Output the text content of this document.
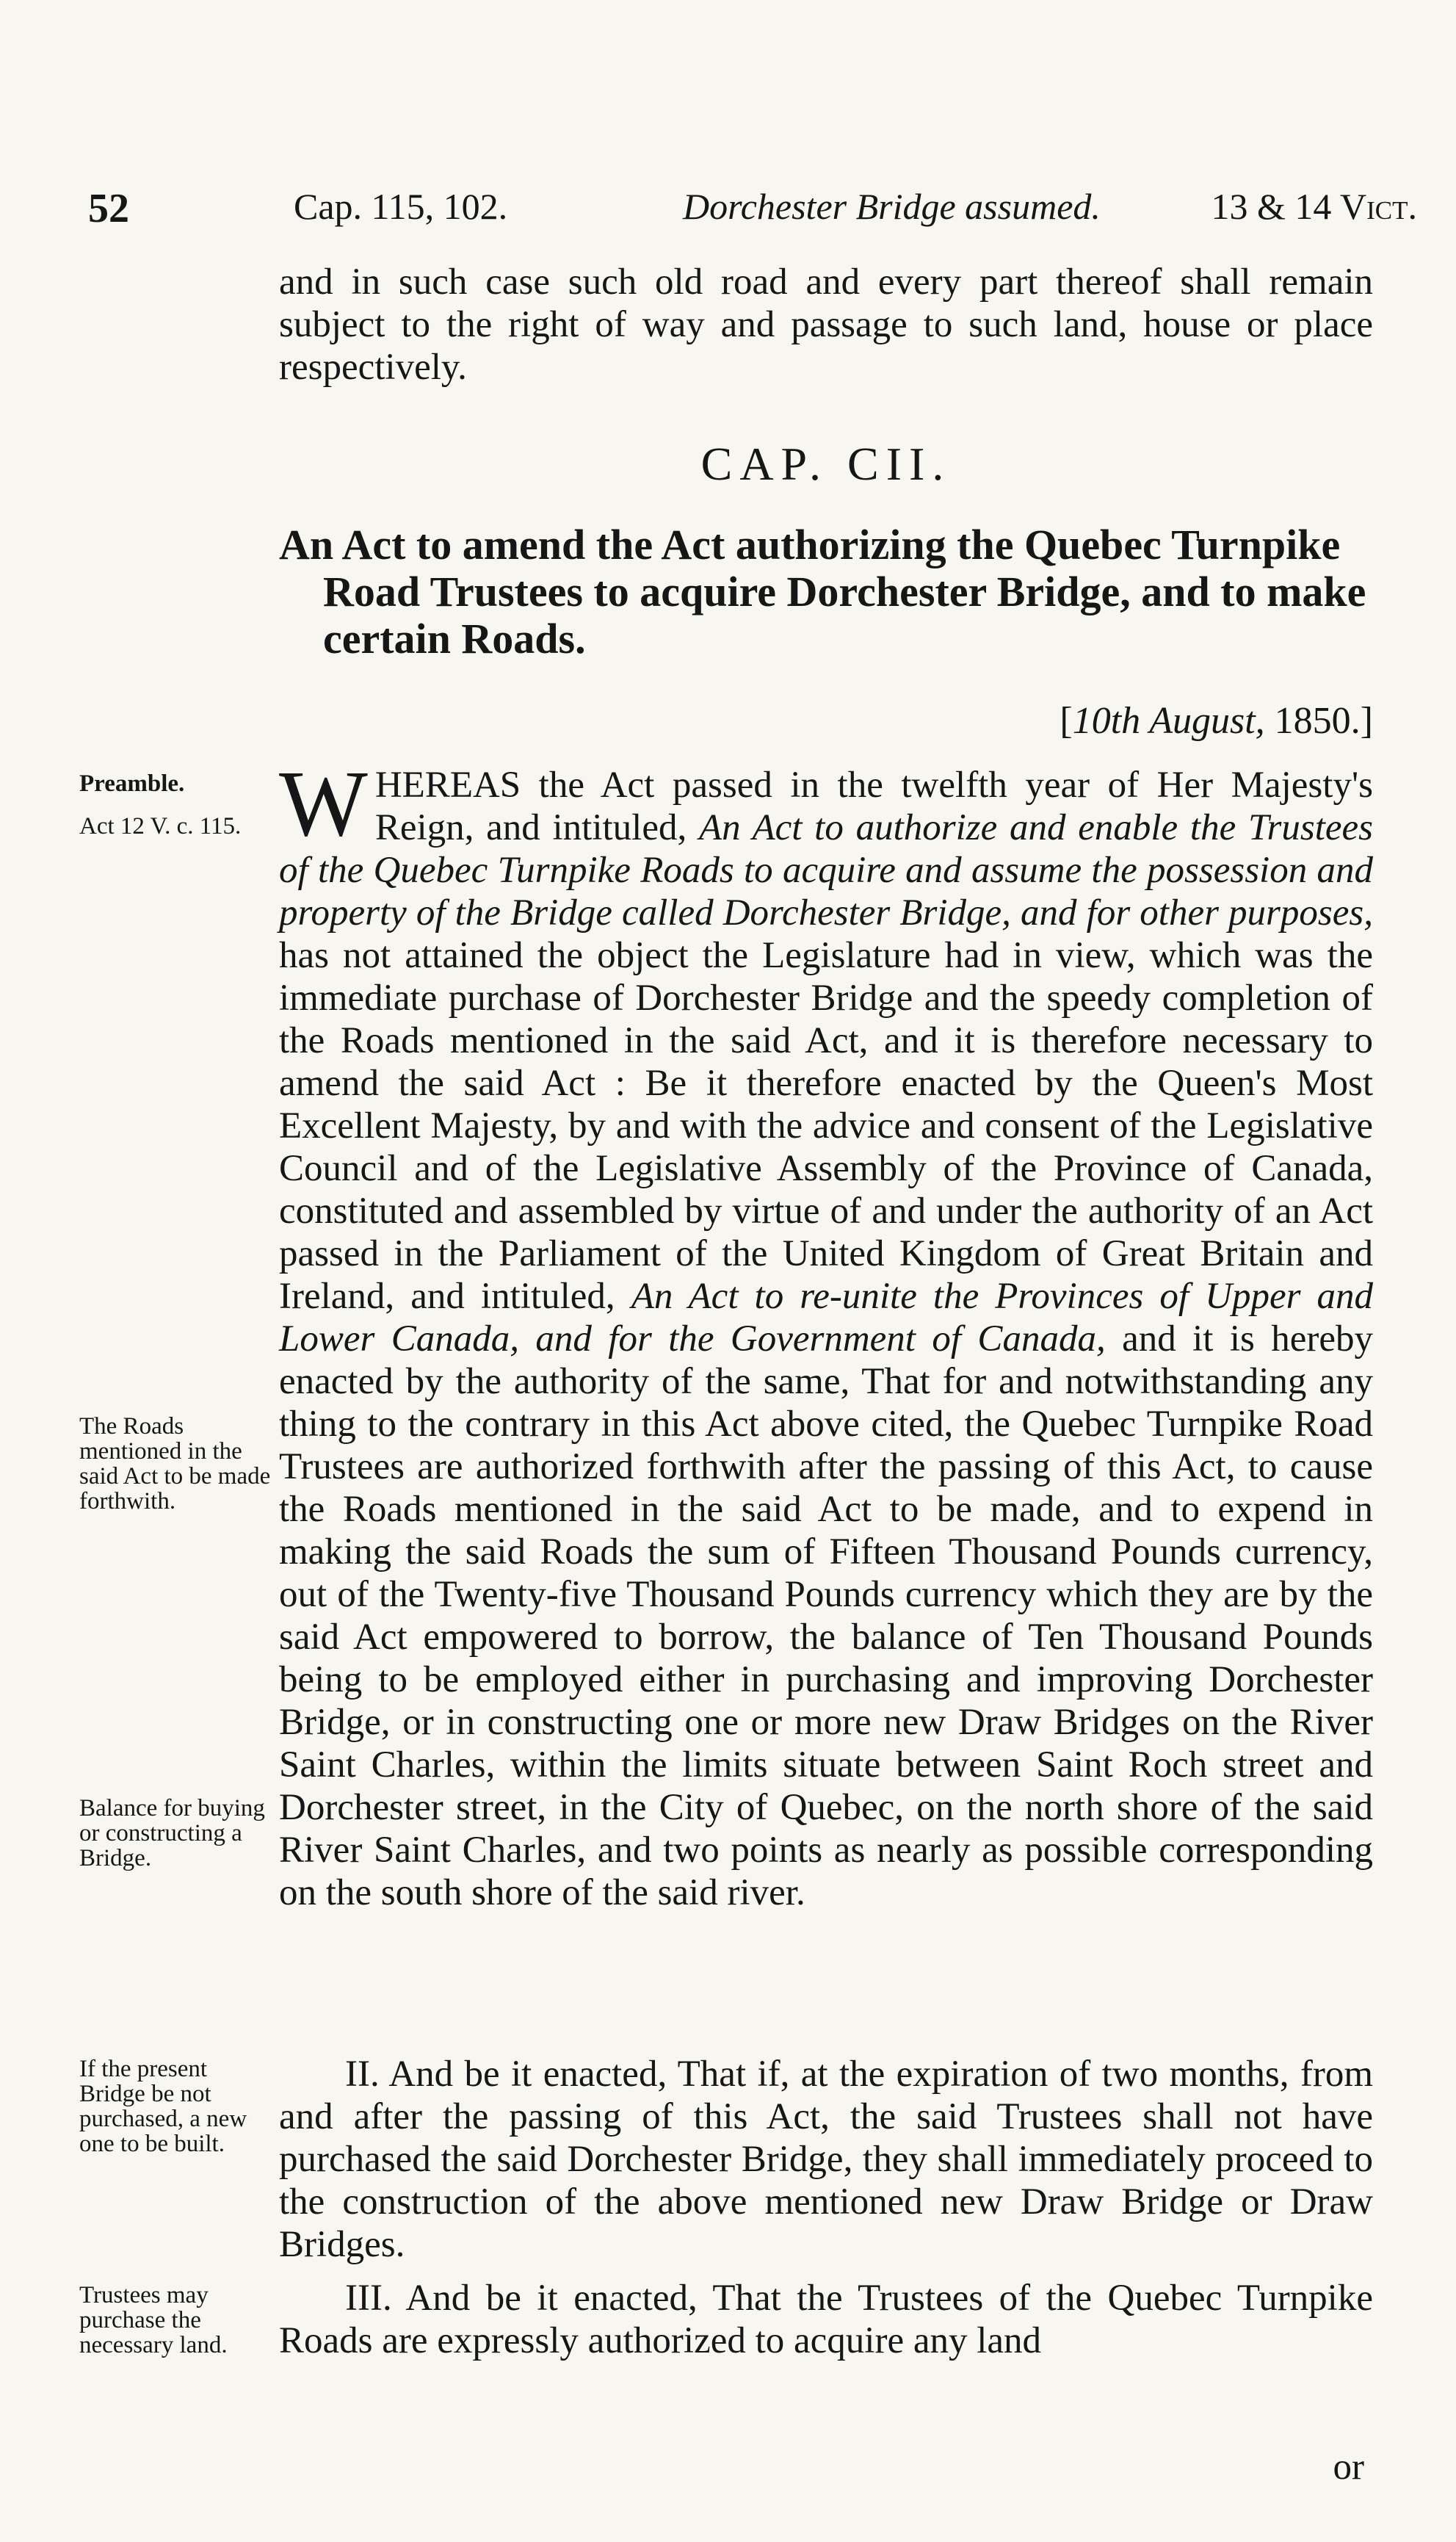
52	Cap. 115, 102.	Dorchester Bridge assumed.	13 & 14 Vict.
and in such case such old road and every part thereof shall remain subject to the right of way and passage to such land, house or place respectively.
CAP. CII.
An Act to amend the Act authorizing the Quebec Turnpike Road Trustees to acquire Dorchester Bridge, and to make certain Roads.
[10th August, 1850.]
WHEREAS the Act passed in the twelfth year of Her Majesty's Reign, and intituled, An Act to authorize and enable the Trustees of the Quebec Turnpike Roads to acquire and assume the possession and property of the Bridge called Dorchester Bridge, and for other purposes, has not attained the object the Legislature had in view, which was the immediate purchase of Dorchester Bridge and the speedy completion of the Roads mentioned in the said Act, and it is therefore necessary to amend the said Act : Be it therefore enacted by the Queen's Most Excellent Majesty, by and with the advice and consent of the Legislative Council and of the Legislative Assembly of the Province of Canada, constituted and assembled by virtue of and under the authority of an Act passed in the Parliament of the United Kingdom of Great Britain and Ireland, and intituled, An Act to re-unite the Provinces of Upper and Lower Canada, and for the Government of Canada, and it is hereby enacted by the authority of the same, That for and notwithstanding any thing to the contrary in this Act above cited, the Quebec Turnpike Road Trustees are authorized forthwith after the passing of this Act, to cause the Roads mentioned in the said Act to be made, and to expend in making the said Roads the sum of Fifteen Thousand Pounds currency, out of the Twenty-five Thousand Pounds currency which they are by the said Act empowered to borrow, the balance of Ten Thousand Pounds being to be employed either in purchasing and improving Dorchester Bridge, or in constructing one or more new Draw Bridges on the River Saint Charles, within the limits situate between Saint Roch street and Dorchester street, in the City of Quebec, on the north shore of the said River Saint Charles, and two points as nearly as possible corresponding on the south shore of the said river.
II. And be it enacted, That if, at the expiration of two months, from and after the passing of this Act, the said Trustees shall not have purchased the said Dorchester Bridge, they shall immediately proceed to the construction of the above mentioned new Draw Bridge or Draw Bridges.
III. And be it enacted, That the Trustees of the Quebec Turnpike Roads are expressly authorized to acquire any land
or
Preamble.
Act 12 V. c. 115.
The Roads mentioned in the said Act to be made forthwith.
Balance for buying or constructing a Bridge.
If the present Bridge be not purchased, a new one to be built.
Trustees may purchase the necessary land.
